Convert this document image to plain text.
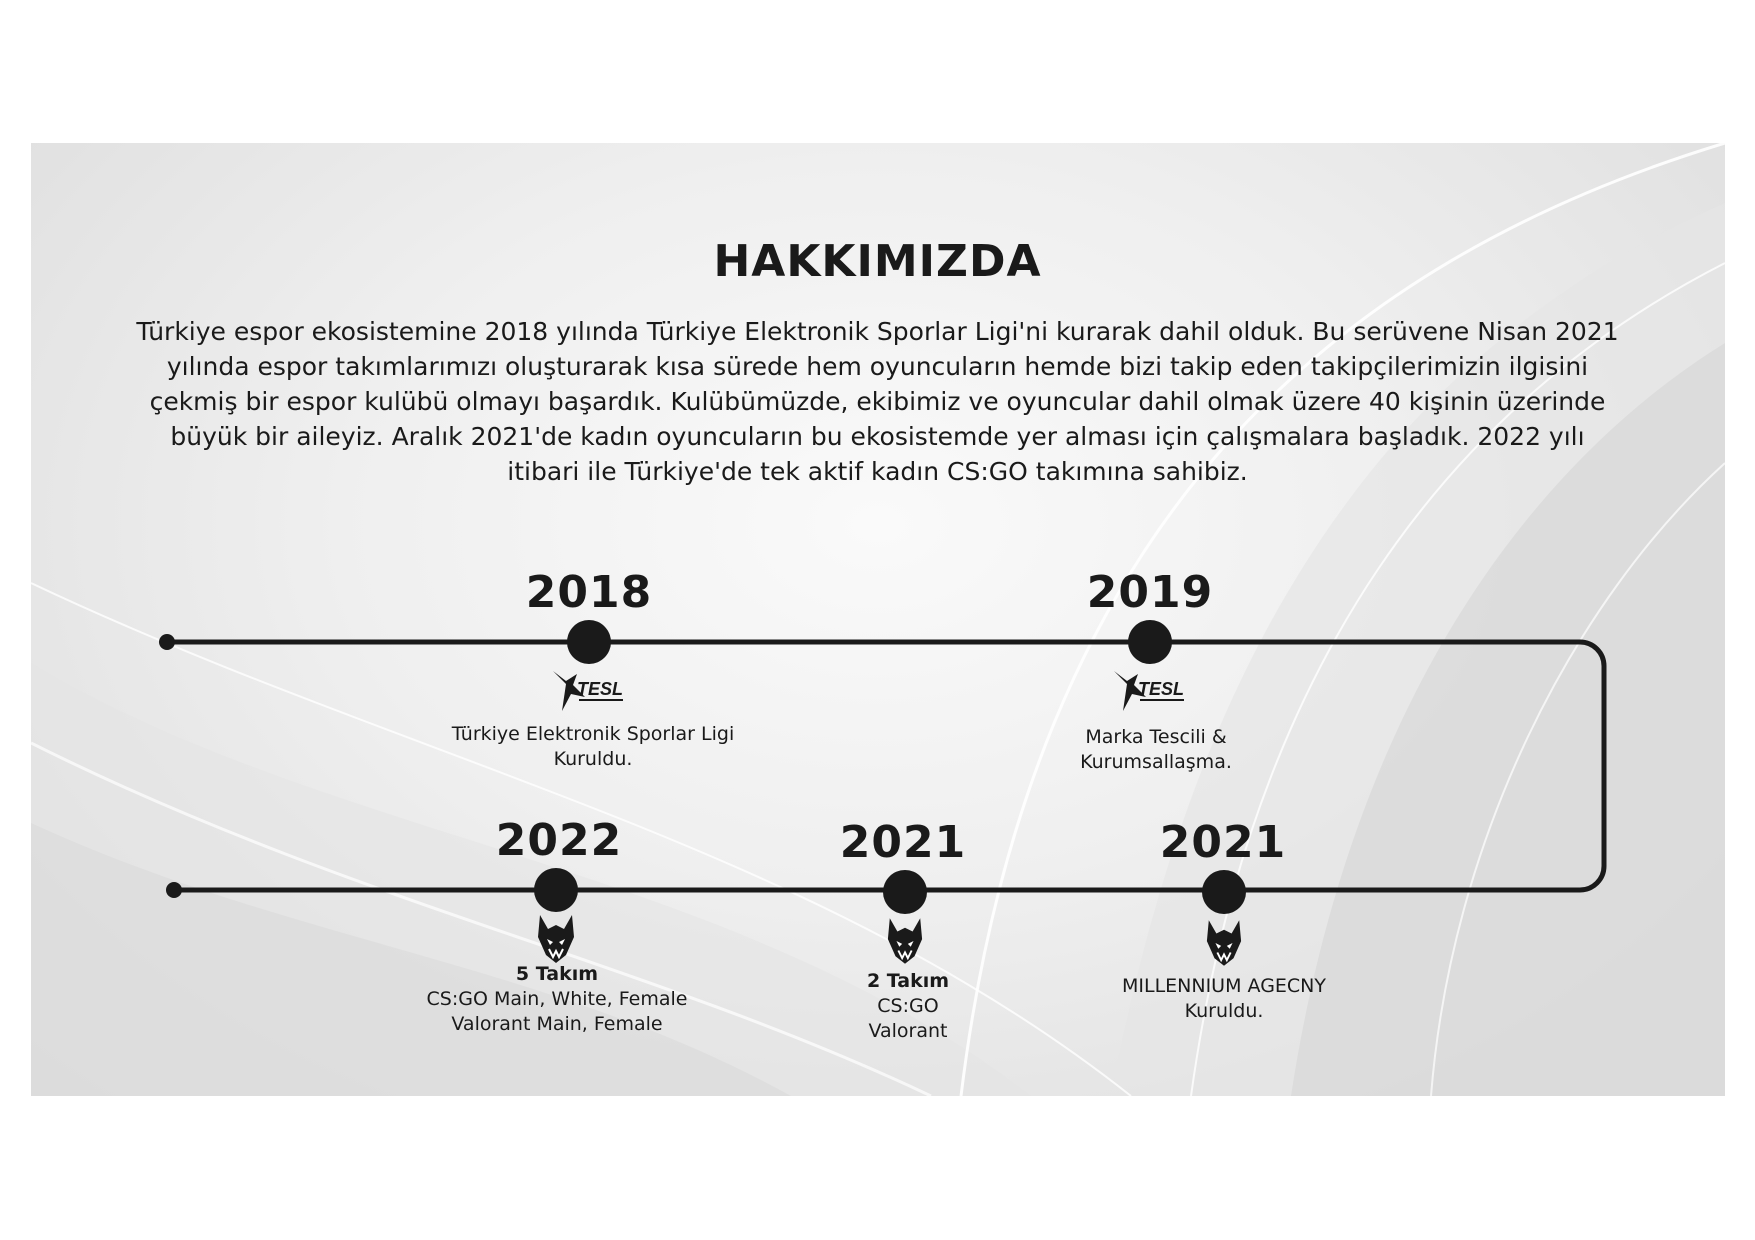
HAKKIMIZDA

Türkiye espor ekosistemine 2018 yılında Türkiye Elektronik Sporlar Ligi'ni kurarak dahil olduk. Bu serüvene Nisan 2021 yılında espor takımlarımızı oluşturarak kısa sürede hem oyuncuların hemde bizi takip eden takipçilerimizin ilgisini çekmiş bir espor kulübü olmayı başardık. Kulübümüzde, ekibimiz ve oyuncular dahil olmak üzere 40 kişinin üzerinde büyük bir aileyiz. Aralık 2021'de kadın oyuncuların bu ekosistemde yer alması için çalışmalara başladık. 2022 yılı itibari ile Türkiye'de tek aktif kadın CS:GO takımına sahibiz.

2018
TESL
Türkiye Elektronik Sporlar Ligi
Kuruldu.
2019
TESL
Marka Tescili &
Kurumsallaşma.
2022
5 Takım
CS:GO Main, White, Female
Valorant Main, Female
2021
2 Takım
CS:GO
Valorant
2021
MILLENNIUM AGECNY
Kuruldu.
